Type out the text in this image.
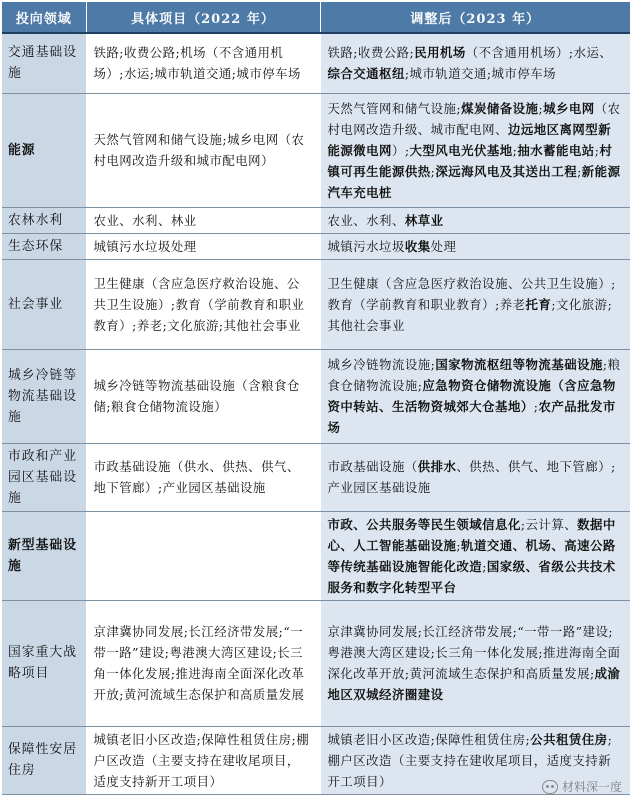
投向领域	具体项目（2022 年）	调整后（2023 年）
交通基础设施	铁路;收费公路;机场（不含通用机场）;水运;城市轨道交通;城市停车场	铁路;收费公路;民用机场（不含通用机场）;水运、综合交通枢纽;城市轨道交通;城市停车场
能源	天然气管网和储气设施;城乡电网（农村电网改造升级和城市配电网）	天然气管网和储气设施;煤炭储备设施;城乡电网（农村电网改造升级、城市配电网、边远地区离网型新能源微电网）;大型风电光伏基地;抽水蓄能电站;村镇可再生能源供热;深远海风电及其送出工程;新能源汽车充电桩
农林水利	农业、水利、林业	农业、水利、林草业
生态环保	城镇污水垃圾处理	城镇污水垃圾收集处理
社会事业	卫生健康（含应急医疗救治设施、公共卫生设施）;教育（学前教育和职业教育）;养老;文化旅游;其他社会事业	卫生健康（含应急医疗救治设施、公共卫生设施）;教育（学前教育和职业教育）;养老托育;文化旅游;其他社会事业
城乡冷链等物流基础设施	城乡冷链等物流基础设施（含粮食仓储;粮食仓储物流设施）	城乡冷链物流设施;国家物流枢纽等物流基础设施;粮食仓储物流设施;应急物资仓储物流设施（含应急物资中转站、生活物资城郊大仓基地）;农产品批发市场
市政和产业园区基础设施	市政基础设施（供水、供热、供气、地下管廊）;产业园区基础设施	市政基础设施（供排水、供热、供气、地下管廊）;产业园区基础设施
新型基础设施		市政、公共服务等民生领域信息化;云计算、数据中心、人工智能基础设施;轨道交通、机场、高速公路等传统基础设施智能化改造;国家级、省级公共技术服务和数字化转型平台
国家重大战略项目	京津冀协同发展;长江经济带发展;“一带一路”建设;粤港澳大湾区建设;长三角一体化发展;推进海南全面深化改革开放;黄河流域生态保护和高质量发展	京津冀协同发展;长江经济带发展;“一带一路”建设;粤港澳大湾区建设;长三角一体化发展;推进海南全面深化改革开放;黄河流域生态保护和高质量发展;成渝地区双城经济圈建设
保障性安居住房	城镇老旧小区改造;保障性租赁住房;棚户区改造（主要支持在建收尾项目，适度支持新开工项目）	城镇老旧小区改造;保障性租赁住房;公共租赁住房;棚户区改造（主要支持在建收尾项目，适度支持新开工项目）	材料深一度
